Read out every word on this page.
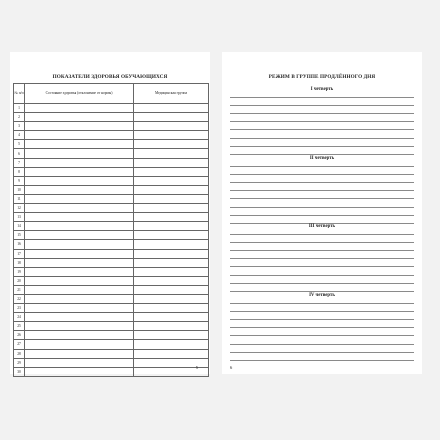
ПОКАЗАТЕЛИ ЗДОРОВЬЯ ОБУЧАЮЩИХСЯ
№ п/п	Состояние здоровья (отклонение от нормы)	Медицинская группа
1		
2		
3		
4		
5		
6		
7		
8		
9		
10		
11		
12		
13		
14		
15		
16		
17		
18		
19		
20		
21		
22		
23		
24		
25		
26		
27		
28		
29		
30		
5
РЕЖИМ В ГРУППЕ ПРОДЛЁННОГО ДНЯ
I четверть
II четверть
III четверть
IV четверть
6
